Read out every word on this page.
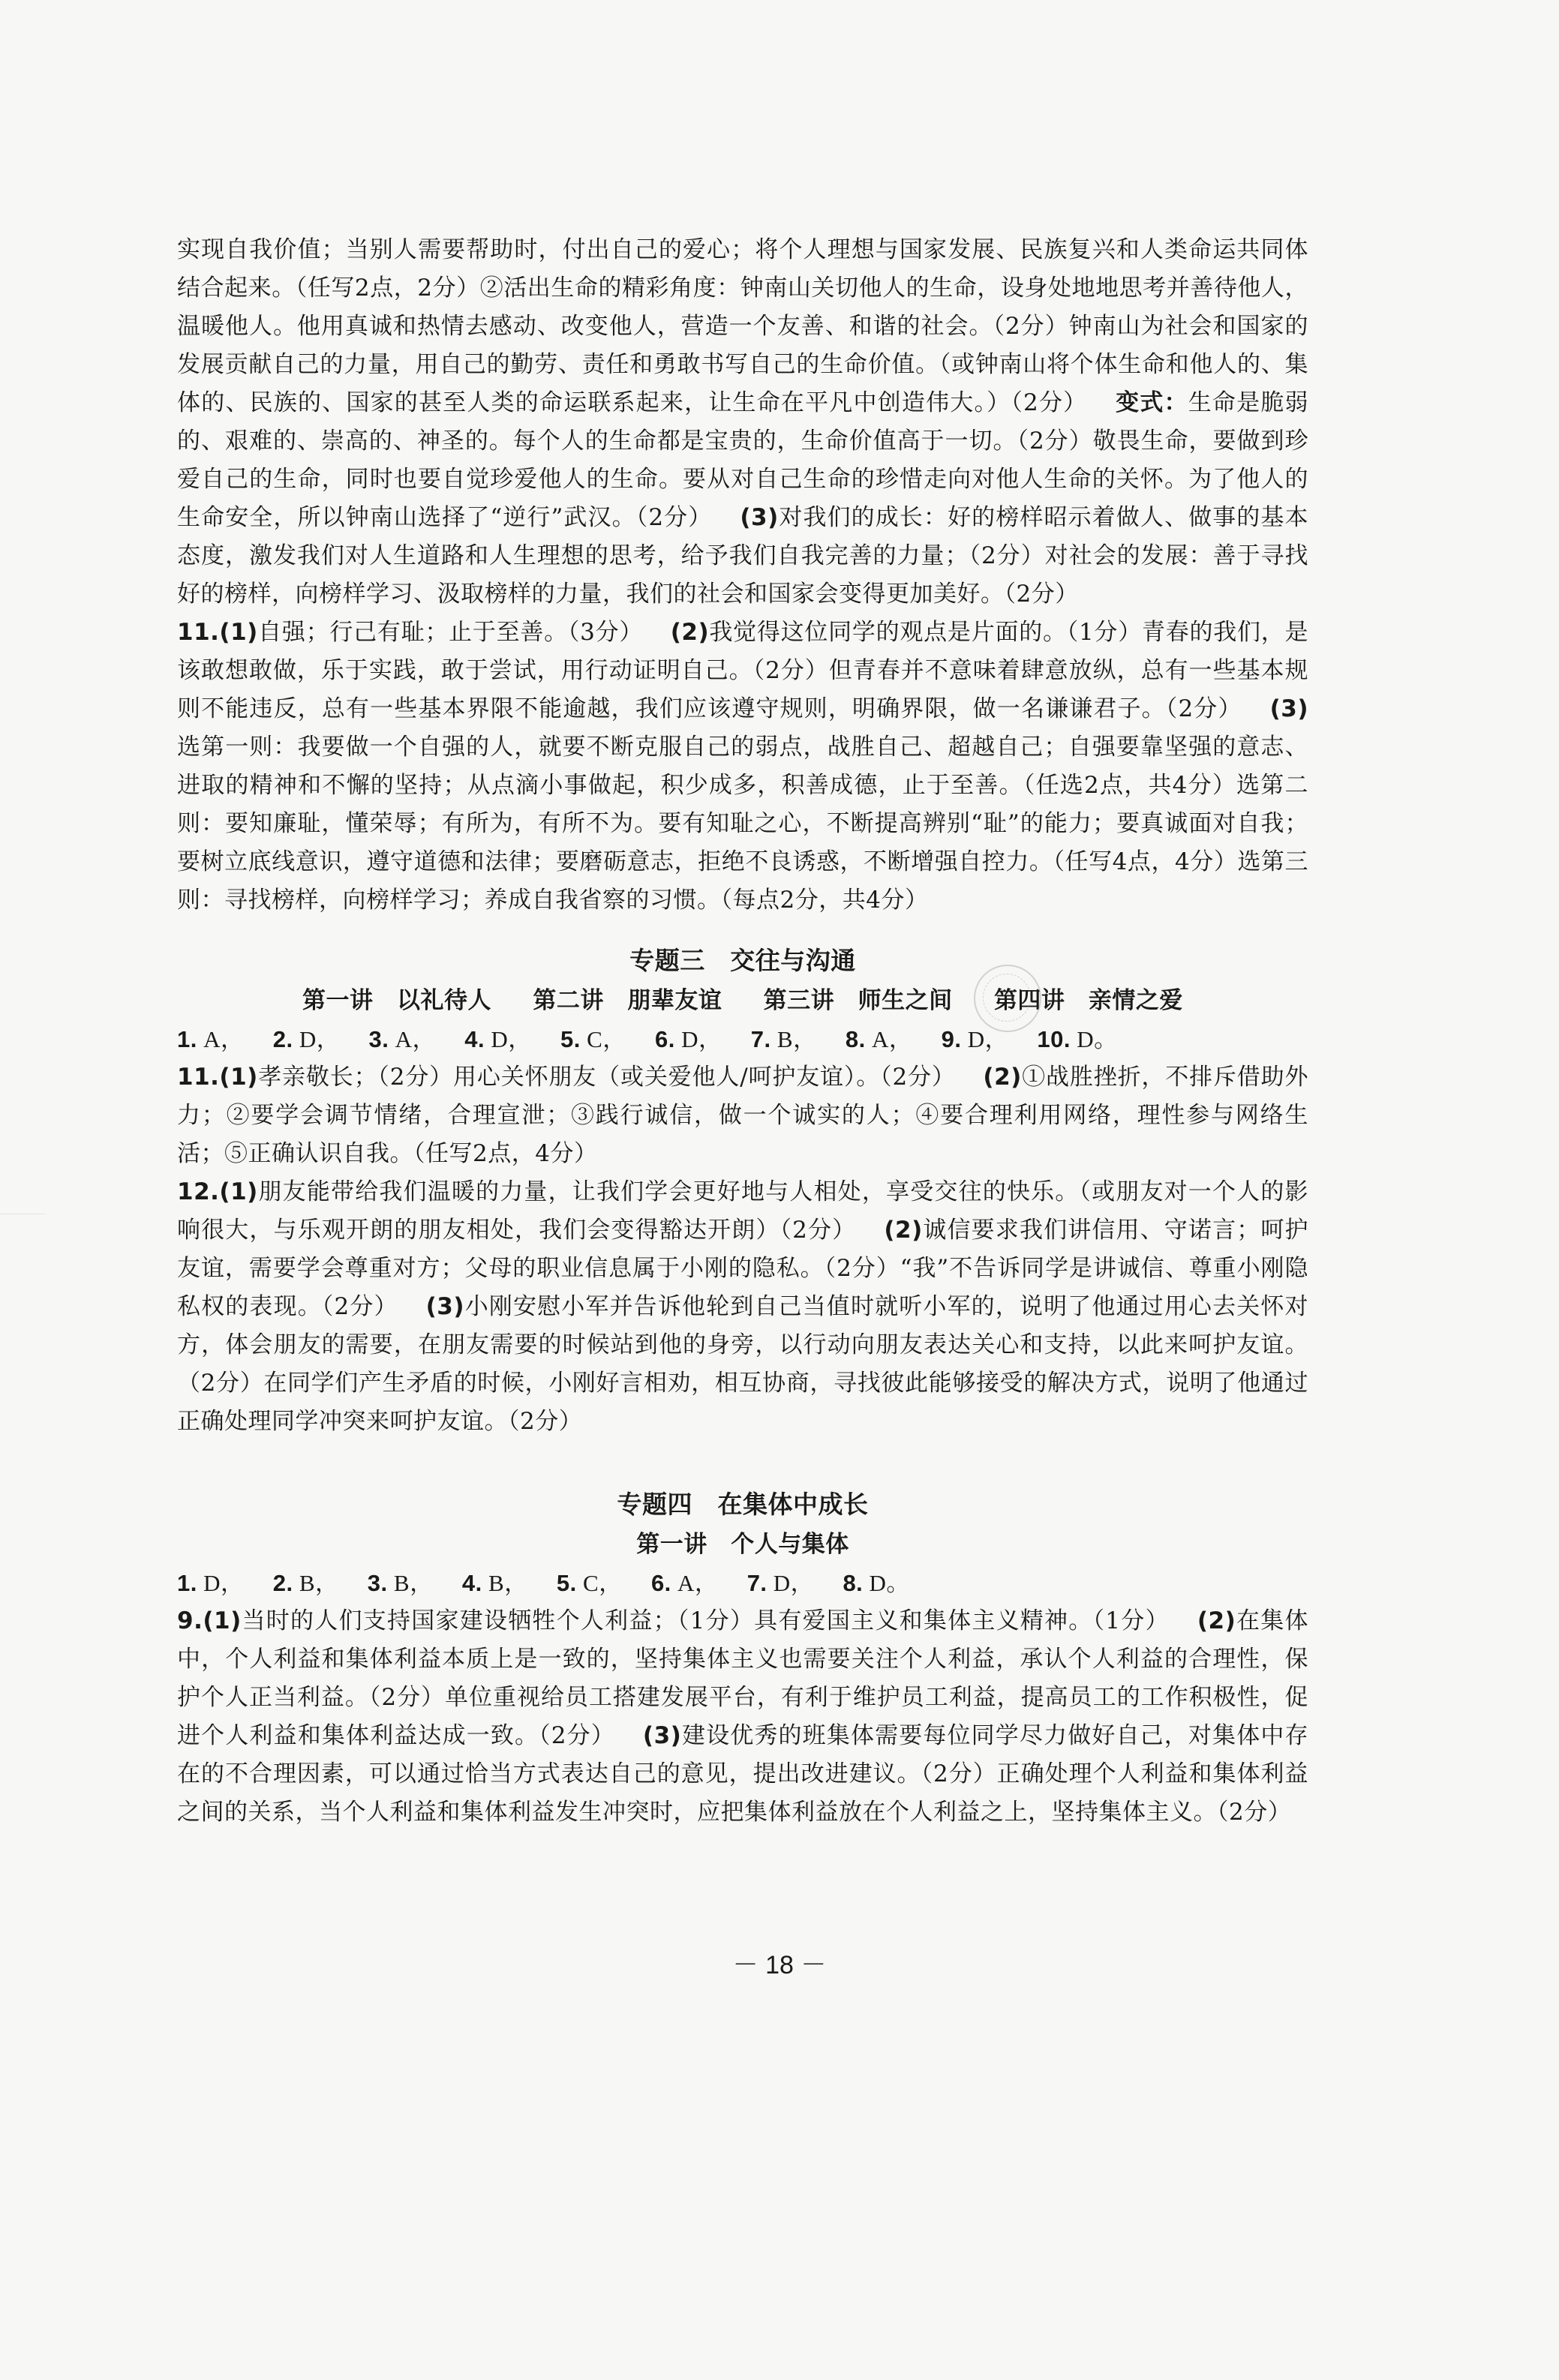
实现自我价值；当别人需要帮助时，付出自己的爱心；将个人理想与国家发展、民族复兴和人类命运共同体结合起来。（任写2点，2分）②活出生命的精彩角度：钟南山关切他人的生命，设身处地地思考并善待他人，温暖他人。他用真诚和热情去感动、改变他人，营造一个友善、和谐的社会。（2分）钟南山为社会和国家的发展贡献自己的力量，用自己的勤劳、责任和勇敢书写自己的生命价值。（或钟南山将个体生命和他人的、集体的、民族的、国家的甚至人类的命运联系起来，让生命在平凡中创造伟大。）（2分） 变式：生命是脆弱的、艰难的、崇高的、神圣的。每个人的生命都是宝贵的，生命价值高于一切。（2分）敬畏生命，要做到珍爱自己的生命，同时也要自觉珍爱他人的生命。要从对自己生命的珍惜走向对他人生命的关怀。为了他人的生命安全，所以钟南山选择了“逆行”武汉。（2分） (3)对我们的成长：好的榜样昭示着做人、做事的基本态度，激发我们对人生道路和人生理想的思考，给予我们自我完善的力量；（2分）对社会的发展：善于寻找好的榜样，向榜样学习、汲取榜样的力量，我们的社会和国家会变得更加美好。（2分）

11.(1)自强；行己有耻；止于至善。（3分） (2)我觉得这位同学的观点是片面的。（1分）青春的我们，是该敢想敢做，乐于实践，敢于尝试，用行动证明自己。（2分）但青春并不意味着肆意放纵，总有一些基本规则不能违反，总有一些基本界限不能逾越，我们应该遵守规则，明确界限，做一名谦谦君子。（2分） (3)选第一则：我要做一个自强的人，就要不断克服自己的弱点，战胜自己、超越自己；自强要靠坚强的意志、进取的精神和不懈的坚持；从点滴小事做起，积少成多，积善成德，止于至善。（任选2点，共4分）选第二则：要知廉耻，懂荣辱；有所为，有所不为。要有知耻之心，不断提高辨别“耻”的能力；要真诚面对自我；要树立底线意识，遵守道德和法律；要磨砺意志，拒绝不良诱惑，不断增强自控力。（任写4点，4分）选第三则：寻找榜样，向榜样学习；养成自我省察的习惯。（每点2分，共4分）

专题三　交往与沟通

第一讲　以礼待人 第二讲　朋辈友谊 第三讲　师生之间 第四讲　亲情之爱

1. A， 2. D， 3. A， 4. D， 5. C， 6. D， 7. B， 8. A， 9. D， 10. D。

11.(1)孝亲敬长；（2分）用心关怀朋友（或关爱他人/呵护友谊）。（2分） (2)①战胜挫折，不排斥借助外力；②要学会调节情绪，合理宣泄；③践行诚信，做一个诚实的人；④要合理利用网络，理性参与网络生活；⑤正确认识自我。（任写2点，4分）

12.(1)朋友能带给我们温暖的力量，让我们学会更好地与人相处，享受交往的快乐。（或朋友对一个人的影响很大，与乐观开朗的朋友相处，我们会变得豁达开朗）（2分） (2)诚信要求我们讲信用、守诺言；呵护友谊，需要学会尊重对方；父母的职业信息属于小刚的隐私。（2分）“我”不告诉同学是讲诚信、尊重小刚隐私权的表现。（2分） (3)小刚安慰小军并告诉他轮到自己当值时就听小军的，说明了他通过用心去关怀对方，体会朋友的需要，在朋友需要的时候站到他的身旁，以行动向朋友表达关心和支持，以此来呵护友谊。（2分）在同学们产生矛盾的时候，小刚好言相劝，相互协商，寻找彼此能够接受的解决方式，说明了他通过正确处理同学冲突来呵护友谊。（2分）

专题四　在集体中成长

第一讲　个人与集体

1. D， 2. B， 3. B， 4. B， 5. C， 6. A， 7. D， 8. D。

9.(1)当时的人们支持国家建设牺牲个人利益；（1分）具有爱国主义和集体主义精神。（1分） (2)在集体中，个人利益和集体利益本质上是一致的，坚持集体主义也需要关注个人利益，承认个人利益的合理性，保护个人正当利益。（2分）单位重视给员工搭建发展平台，有利于维护员工利益，提高员工的工作积极性，促进个人利益和集体利益达成一致。（2分） (3)建设优秀的班集体需要每位同学尽力做好自己，对集体中存在的不合理因素，可以通过恰当方式表达自己的意见，提出改进建议。（2分）正确处理个人利益和集体利益之间的关系，当个人利益和集体利益发生冲突时，应把集体利益放在个人利益之上，坚持集体主义。（2分）

－ 18 －
